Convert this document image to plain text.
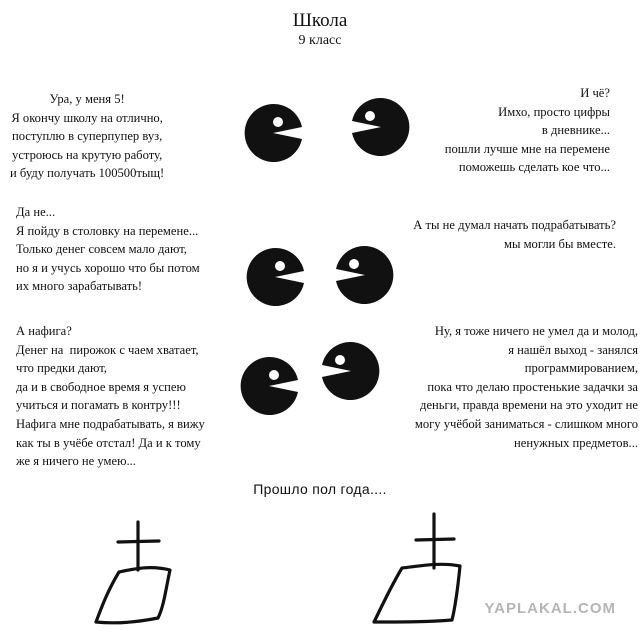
Школа
9 класс
Ура, у меня 5!
Я окончу школу на отлично,
поступлю в суперпупер вуз,
устроюсь на крутую работу,
и буду получать 100500тыщ!
И чё?
Имхо, просто цифры
в дневнике...
пошли лучше мне на перемене
поможешь сделать кое что...
Да не...
Я пойду в столовку на перемене...
Только денег совсем мало дают,
но я и учусь хорошо что бы потом
их много зарабатывать!
А ты не думал начать подрабатывать?
мы могли бы вместе.
А нафига?
Денег на  пирожок с чаем хватает,
что предки дают,
да и в свободное время я успею
учиться и погамать в контру!!!
Нафига мне подрабатывать, я вижу
как ты в учёбе отстал! Да и к тому
же я ничего не умею...
Ну, я тоже ничего не умел да и молод,
я нашёл выход - занялся
программированием,
пока что делаю простенькие задачки за
деньги, правда времени на это уходит не
могу учёбой заниматься - слишком много
ненужных предметов...
Прошло пол года....
YAPLAKAL.COM
